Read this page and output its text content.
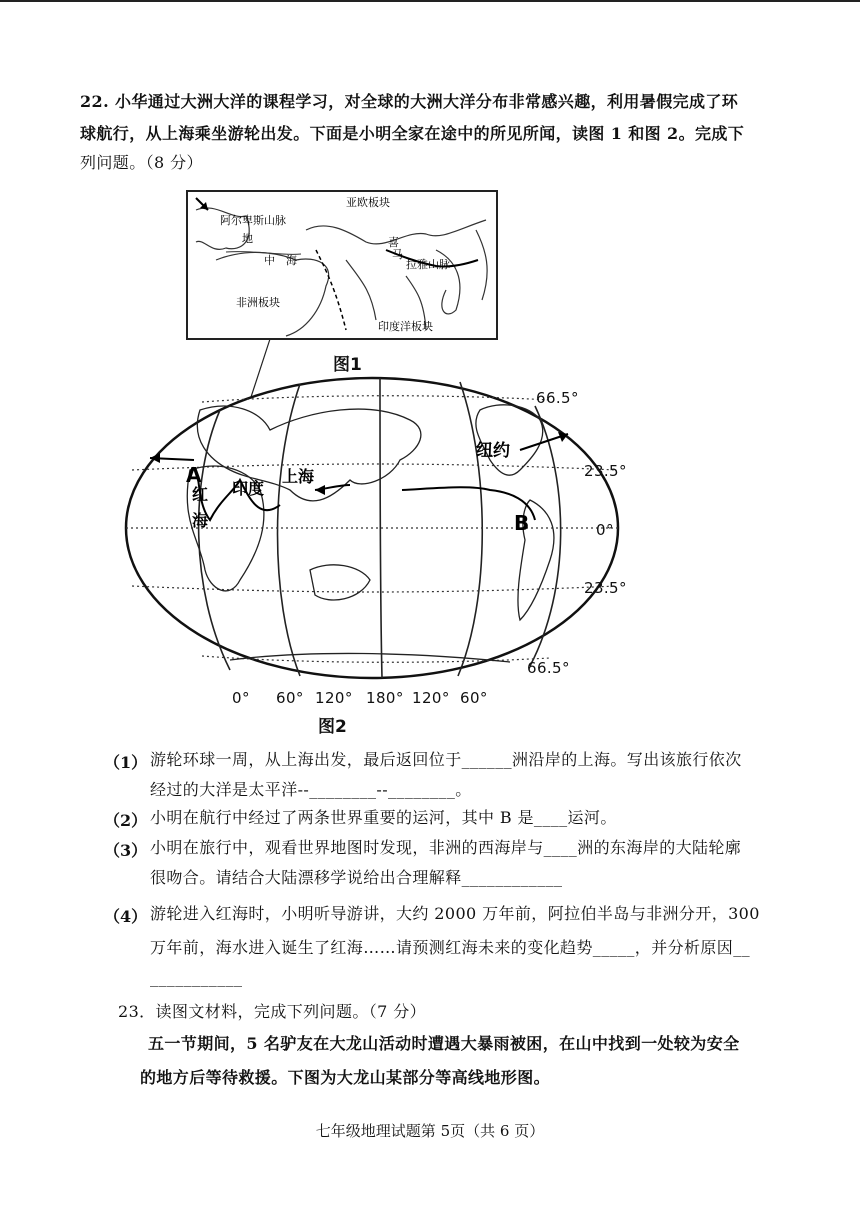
22. 小华通过大洲大洋的课程学习，对全球的大洲大洋分布非常感兴趣，利用暑假完成了环
球航行，从上海乘坐游轮出发。下面是小明全家在途中的所见所闻，读图 1 和图 2。完成下
列问题。（8 分）
亚欧板块
阿尔卑斯山脉
喜
马
拉雅山脉
地
中 海
非洲板块
印度洋板块
图1
A
红
海
印度
上海
纽约
B
66.5°
23.5°
0°
23.5°
66.5°
0° 60° 120° 180° 120° 60°
图2
（1） 游轮环球一周，从上海出发，最后返回位于______洲沿岸的上海。写出该旅行依次
经过的大洋是太平洋--________--________。
（2） 小明在航行中经过了两条世界重要的运河，其中 B 是____运河。
（3） 小明在旅行中，观看世界地图时发现，非洲的西海岸与____洲的东海岸的大陆轮廓
很吻合。请结合大陆漂移学说给出合理解释____________
（4） 游轮进入红海时，小明听导游讲，大约 2000 万年前，阿拉伯半岛与非洲分开，300
万年前，海水进入诞生了红海……请预测红海未来的变化趋势_____，并分析原因__
___________
23．读图文材料，完成下列问题。（7 分）
五一节期间，5 名驴友在大龙山活动时遭遇大暴雨被困，在山中找到一处较为安全
的地方后等待救援。下图为大龙山某部分等高线地形图。
七年级地理试题第 5页（共 6 页）
